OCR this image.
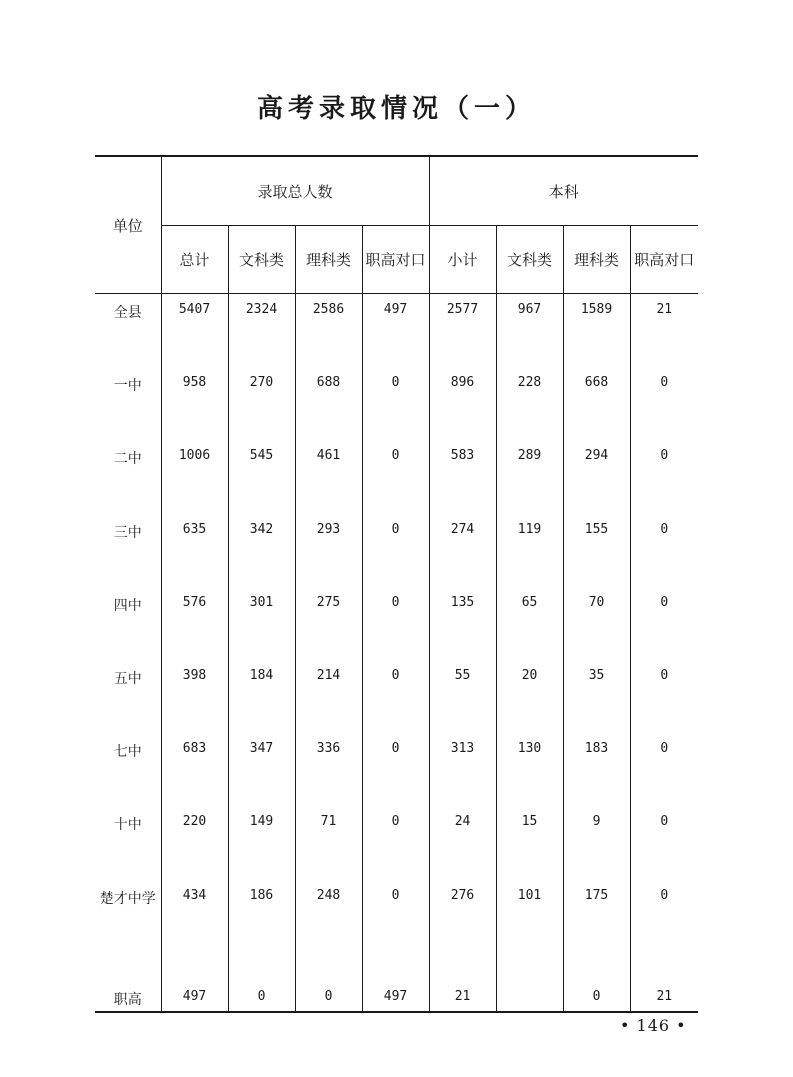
高考录取情况（一）
单位	录取总人数				本科			
	总计	文科类	理科类	职高对口	小计	文科类	理科类	职高对口

全县	5407	2324	2586	497	2577	967	1589	21

一中	958	270	688	0	896	228	668	0

二中	1006	545	461	0	583	289	294	0

三中	635	342	293	0	274	119	155	0

四中	576	301	275	0	135	65	70	0

五中	398	184	214	0	55	20	35	0

七中	683	347	336	0	313	130	183	0

十中	220	149	71	0	24	15	9	0

楚才中学	434	186	248	0	276	101	175	0

职高	497	0	0	497	21		0	21
• 146 •
